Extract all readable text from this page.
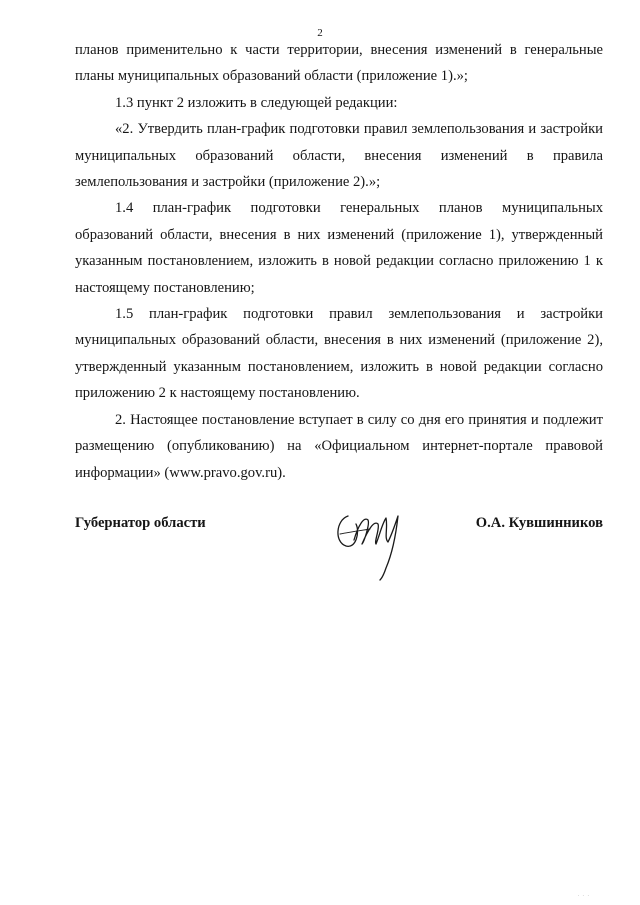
2

планов применительно к части территории, внесения изменений в генеральные планы муниципальных образований области (приложение 1).»;

1.3 пункт 2 изложить в следующей редакции:

«2. Утвердить план-график подготовки правил землепользования и застройки муниципальных образований области, внесения изменений в правила землепользования и застройки (приложение 2).»;

1.4 план-график подготовки генеральных планов муниципальных образований области, внесения в них изменений (приложение 1), утвержденный указанным постановлением, изложить в новой редакции согласно приложению 1 к настоящему постановлению;

1.5 план-график подготовки правил землепользования и застройки муниципальных образований области, внесения в них изменений (приложение 2), утвержденный указанным постановлением, изложить в новой редакции согласно приложению 2 к настоящему постановлению.

2. Настоящее постановление вступает в силу со дня его принятия и подлежит размещению (опубликованию) на «Официальном интернет-портале правовой информации» (www.pravo.gov.ru).

Губернатор области	О.А. Кувшинников
· · ·
